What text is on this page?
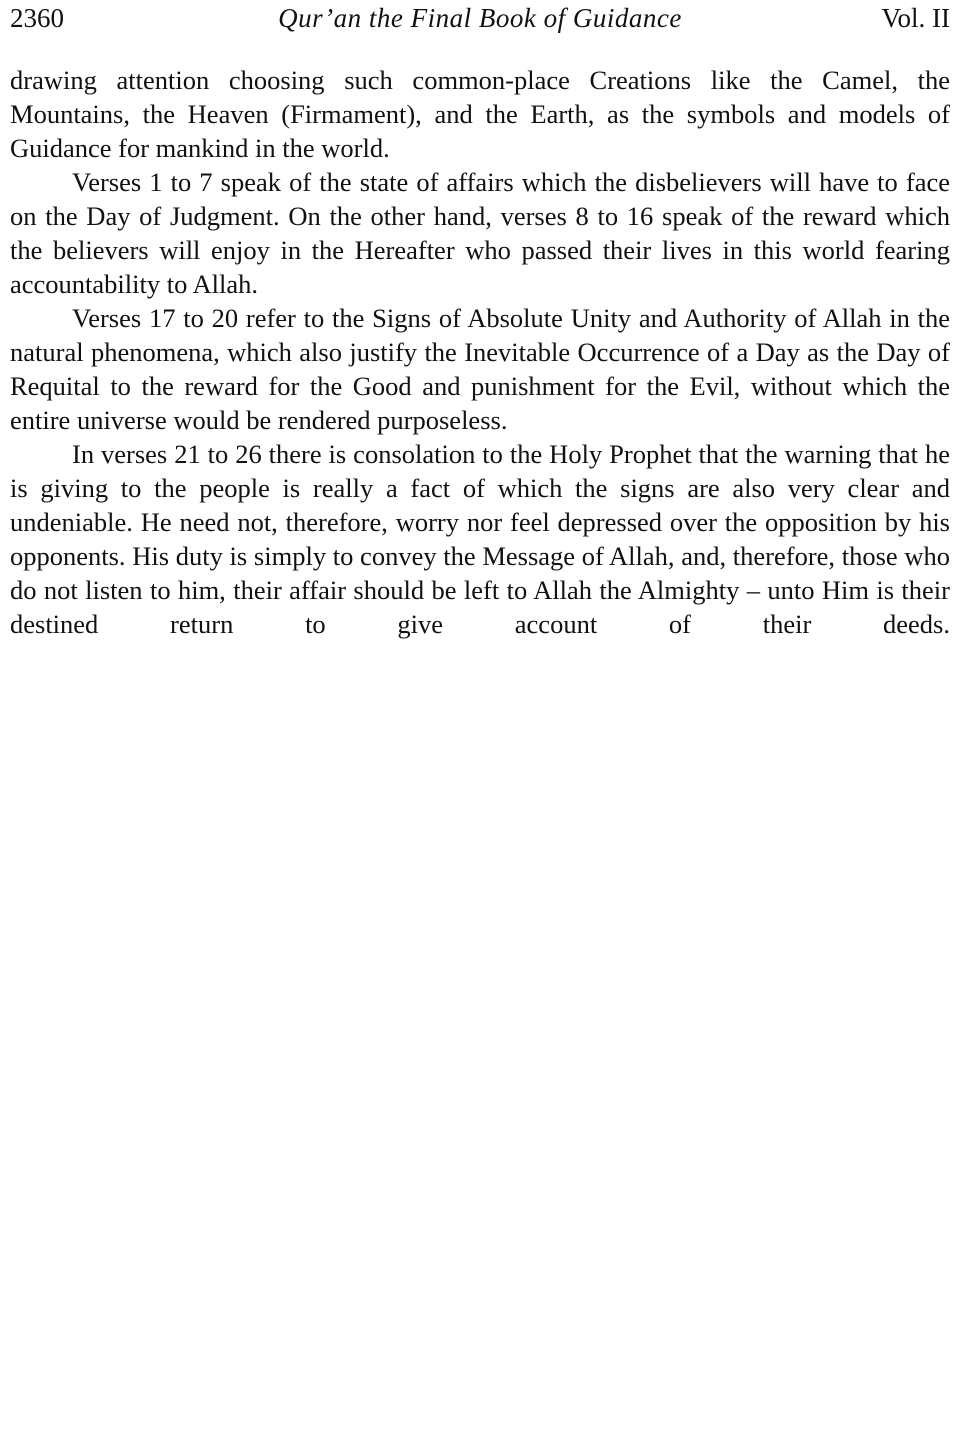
2360	Qur’an the Final Book of Guidance	Vol. II

drawing attention choosing such common-place Creations like the Camel, the Mountains, the Heaven (Firmament), and the Earth, as the symbols and models of Guidance for mankind in the world.

Verses 1 to 7 speak of the state of affairs which the disbelievers will have to face on the Day of Judgment. On the other hand, verses 8 to 16 speak of the reward which the believers will enjoy in the Hereafter who passed their lives in this world fearing accountability to Allah.

Verses 17 to 20 refer to the Signs of Absolute Unity and Authority of Allah in the natural phenomena, which also justify the Inevitable Occurrence of a Day as the Day of Requital to the reward for the Good and punishment for the Evil, without which the entire universe would be rendered purposeless.

In verses 21 to 26 there is consolation to the Holy Prophet that the warning that he is giving to the people is really a fact of which the signs are also very clear and undeniable. He need not, therefore, worry nor feel depressed over the opposition by his opponents. His duty is simply to convey the Message of Allah, and, therefore, those who do not listen to him, their affair should be left to Allah the Almighty – unto Him is their destined return to give account of their deeds.
